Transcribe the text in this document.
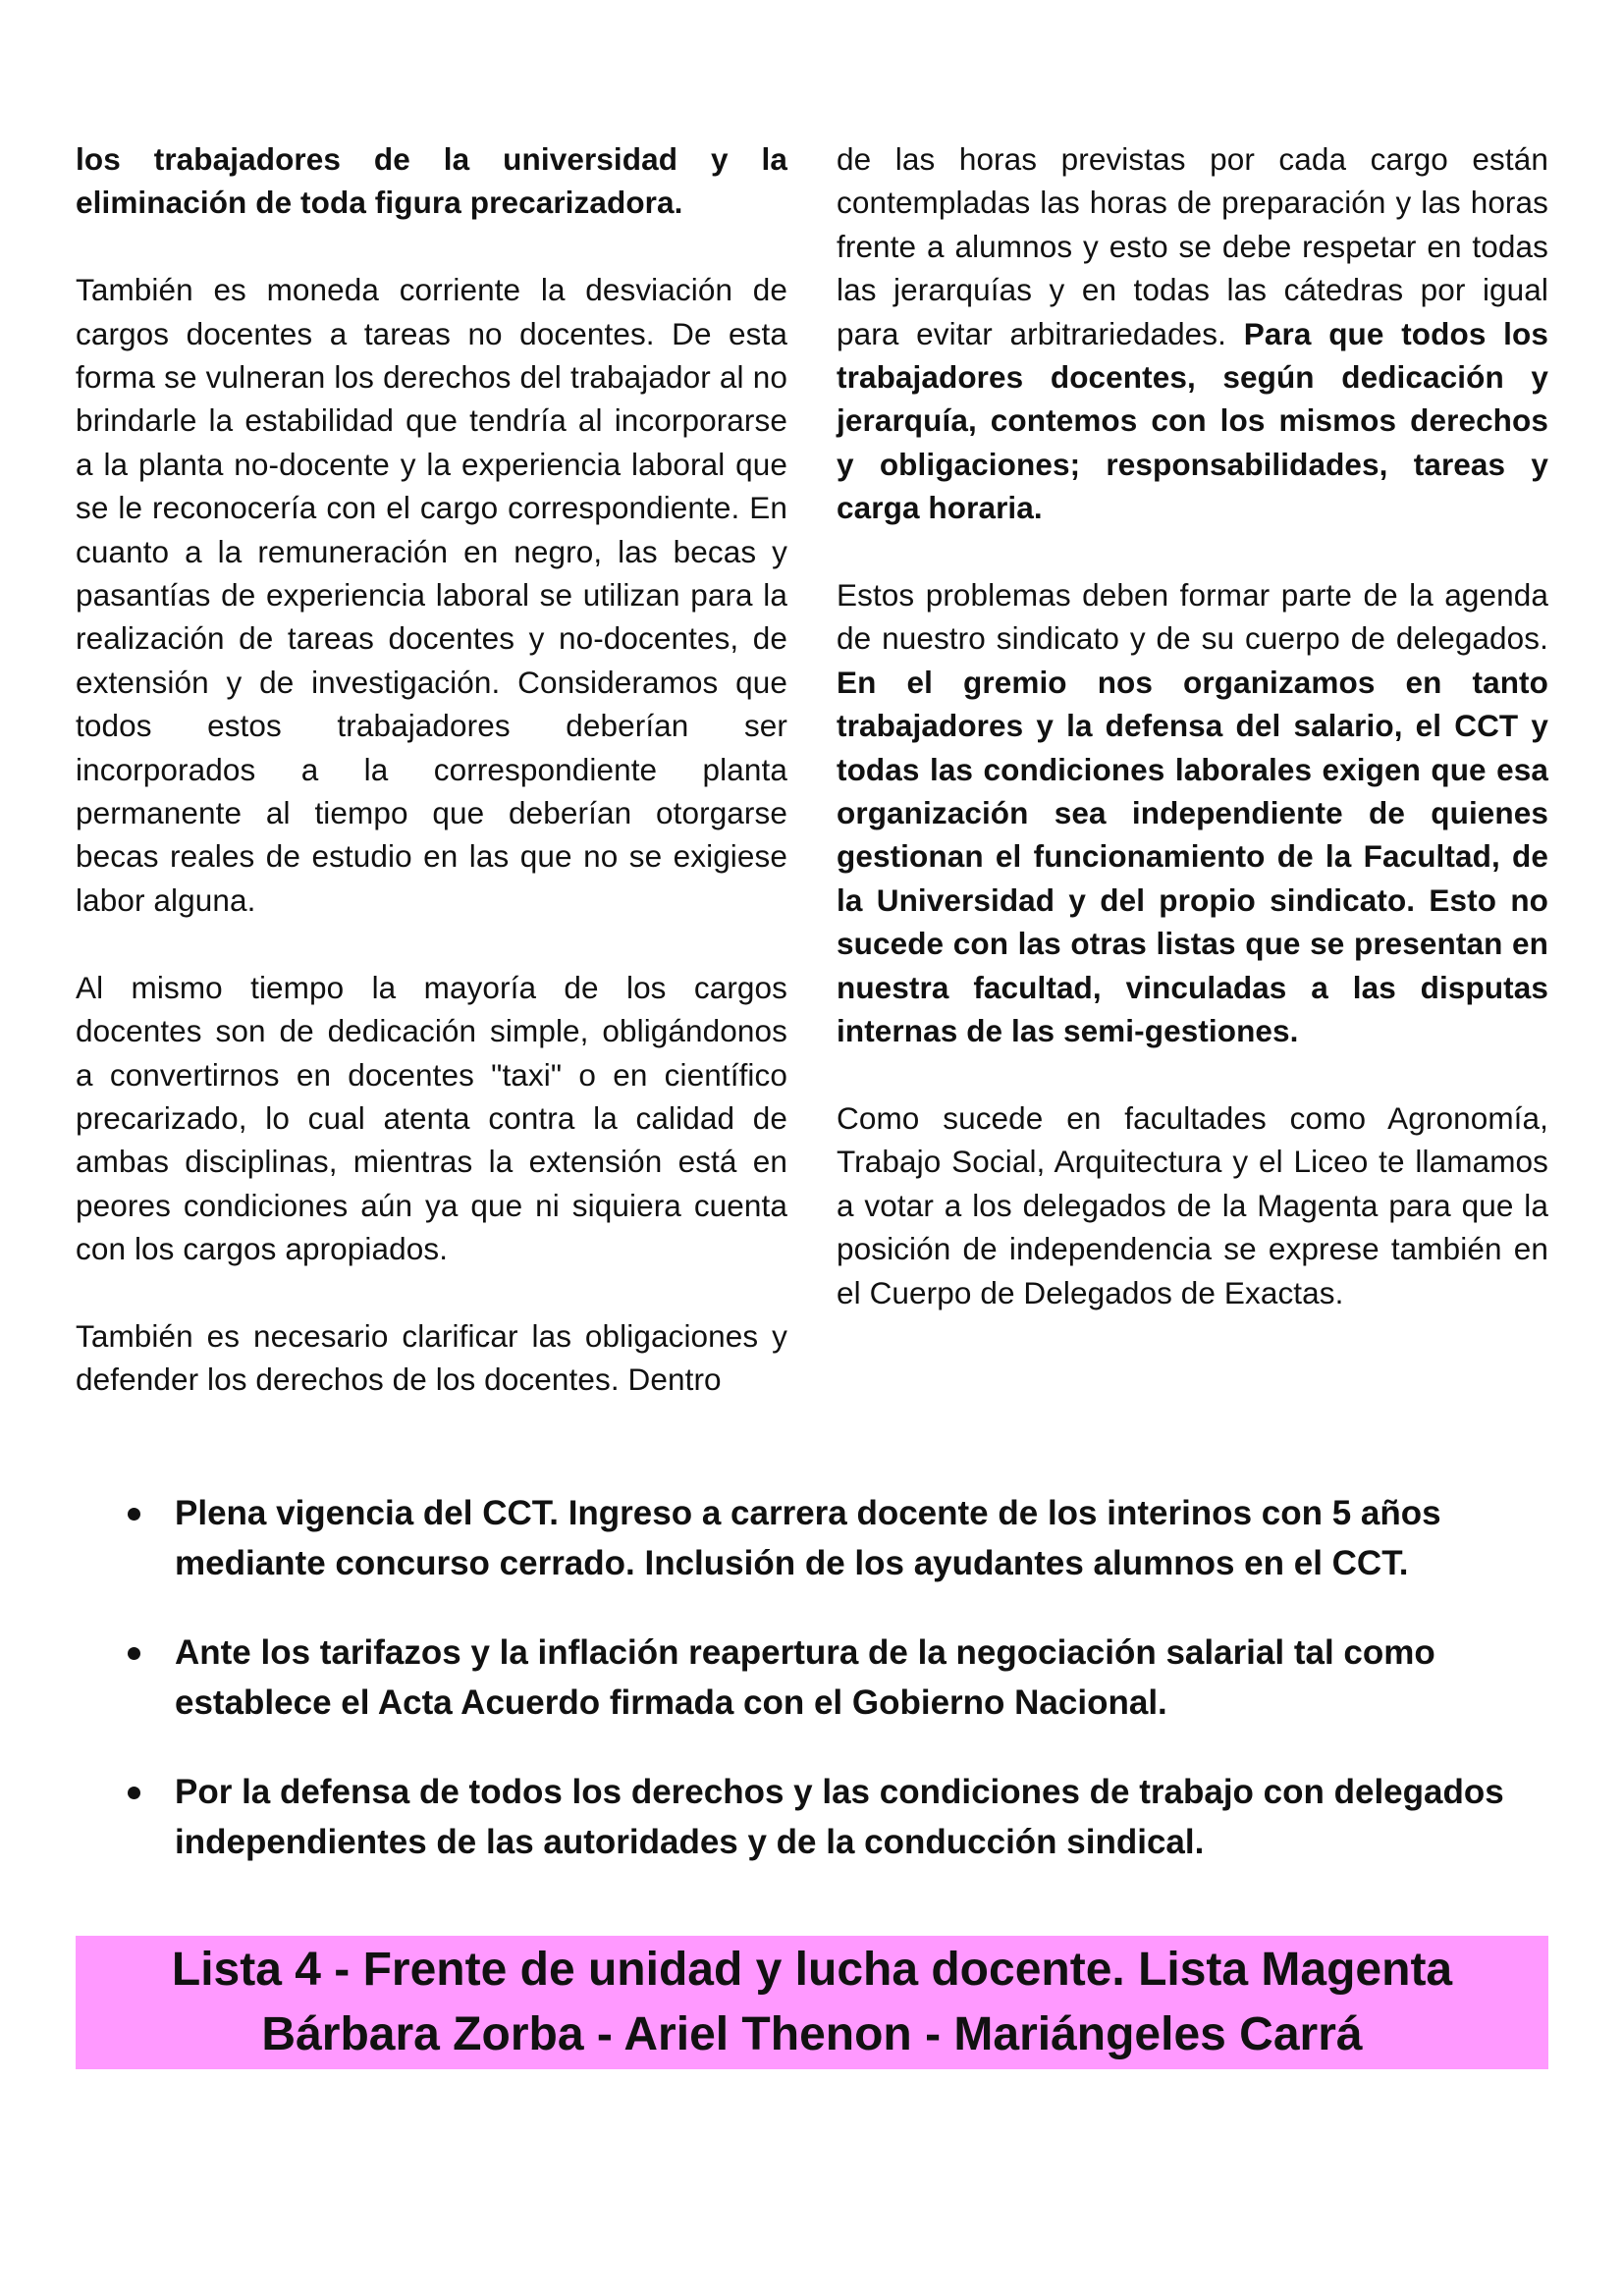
los trabajadores de la universidad y la eliminación de toda figura precarizadora.

También es moneda corriente la desviación de cargos docentes a tareas no docentes. De esta forma se vulneran los derechos del trabajador al no brindarle la estabilidad que tendría al incorporarse a la planta no-docente y la experiencia laboral que se le reconocería con el cargo correspondiente. En cuanto a la remuneración en negro, las becas y pasantías de experiencia laboral se utilizan para la realización de tareas docentes y no-docentes, de extensión y de investigación. Consideramos que todos estos trabajadores deberían ser incorporados a la correspondiente planta permanente al tiempo que deberían otorgarse becas reales de estudio en las que no se exigiese labor alguna.

Al mismo tiempo la mayoría de los cargos docentes son de dedicación simple, obligándonos a convertirnos en docentes "taxi" o en científico precarizado, lo cual atenta contra la calidad de ambas disciplinas, mientras la extensión está en peores condiciones aún ya que ni siquiera cuenta con los cargos apropiados.

También es necesario clarificar las obligaciones y defender los derechos de los docentes. Dentro

de las horas previstas por cada cargo están contempladas las horas de preparación y las horas frente a alumnos y esto se debe respetar en todas las jerarquías y en todas las cátedras por igual para evitar arbitrariedades. Para que todos los trabajadores docentes, según dedicación y jerarquía, contemos con los mismos derechos y obligaciones; responsabilidades, tareas y carga horaria.

Estos problemas deben formar parte de la agenda de nuestro sindicato y de su cuerpo de delegados. En el gremio nos organizamos en tanto trabajadores y la defensa del salario, el CCT y todas las condiciones laborales exigen que esa organización sea independiente de quienes gestionan el funcionamiento de la Facultad, de la Universidad y del propio sindicato. Esto no sucede con las otras listas que se presentan en nuestra facultad, vinculadas a las disputas internas de las semi-gestiones.

Como sucede en facultades como Agronomía, Trabajo Social, Arquitectura y el Liceo te llamamos a votar a los delegados de la Magenta para que la posición de independencia se exprese también en el Cuerpo de Delegados de Exactas.

Plena vigencia del CCT. Ingreso a carrera docente de los interinos con 5 años mediante concurso cerrado. Inclusión de los ayudantes alumnos en el CCT.
Ante los tarifazos y la inflación reapertura de la negociación salarial tal como establece el Acta Acuerdo firmada con el Gobierno Nacional.
Por la defensa de todos los derechos y las condiciones de trabajo con delegados independientes de las autoridades y de la conducción sindical.
Lista 4 - Frente de unidad y lucha docente. Lista Magenta
Bárbara Zorba - Ariel Thenon - Mariángeles Carrá
